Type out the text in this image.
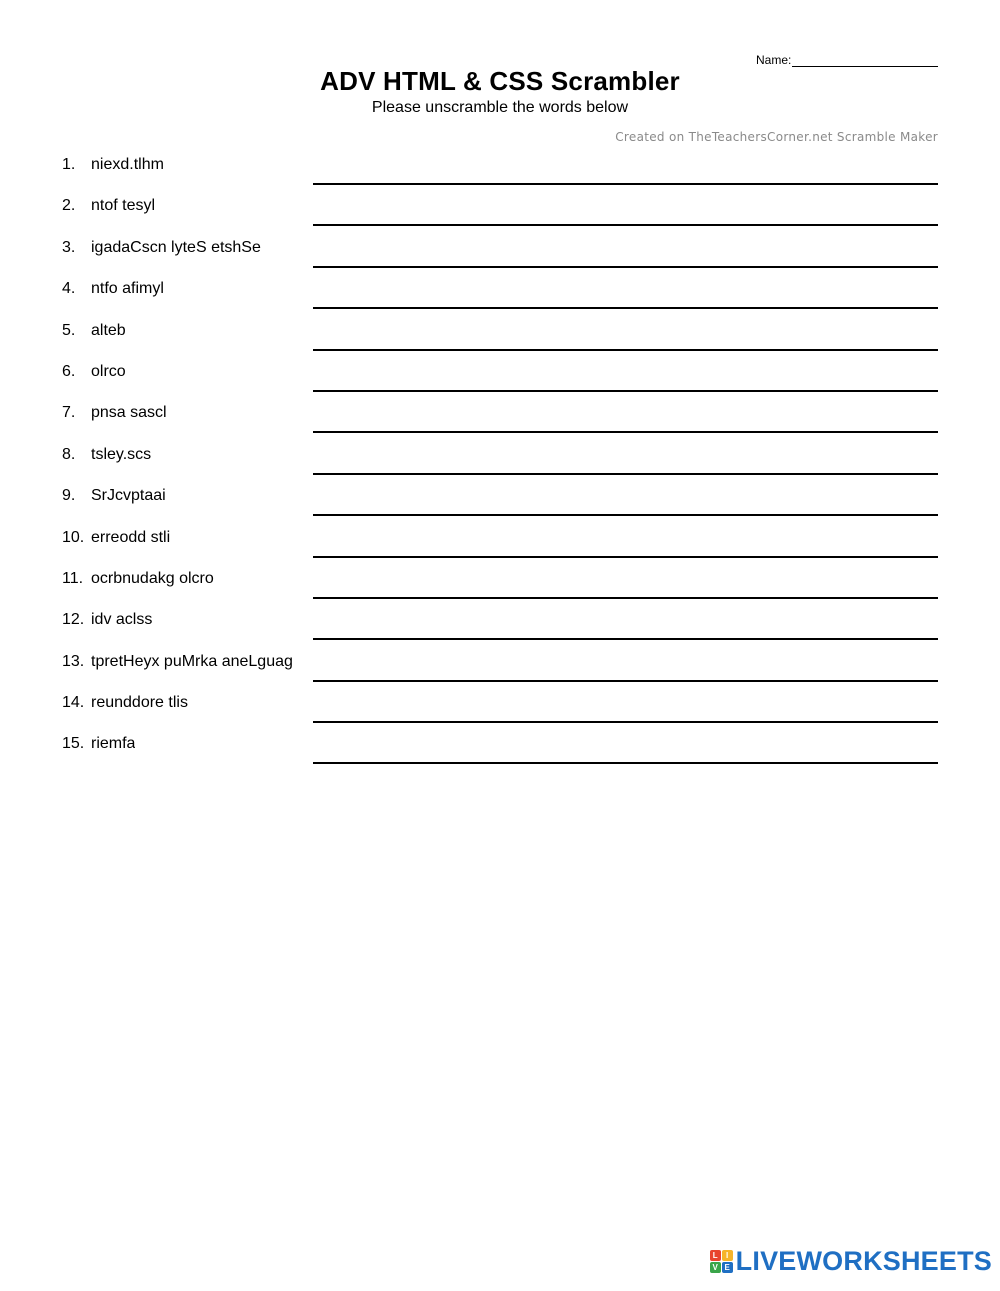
Name:
ADV HTML & CSS Scrambler
Please unscramble the words below
Created on TheTeachersCorner.net Scramble Maker
1. niexd.tlhm
2. ntof tesyl
3. igadaCscn lyteS etshSe
4. ntfo afimyl
5. alteb
6. olrco
7. pnsa sascl
8. tsley.scs
9. SrJcvptaai
10. erreodd stli
11. ocrbnudakg olcro
12. idv aclss
13. tpretHeyx puMrka aneLguag
14. reunddore tlis
15. riemfa
L	I
V E LIVEWORKSHEETS
